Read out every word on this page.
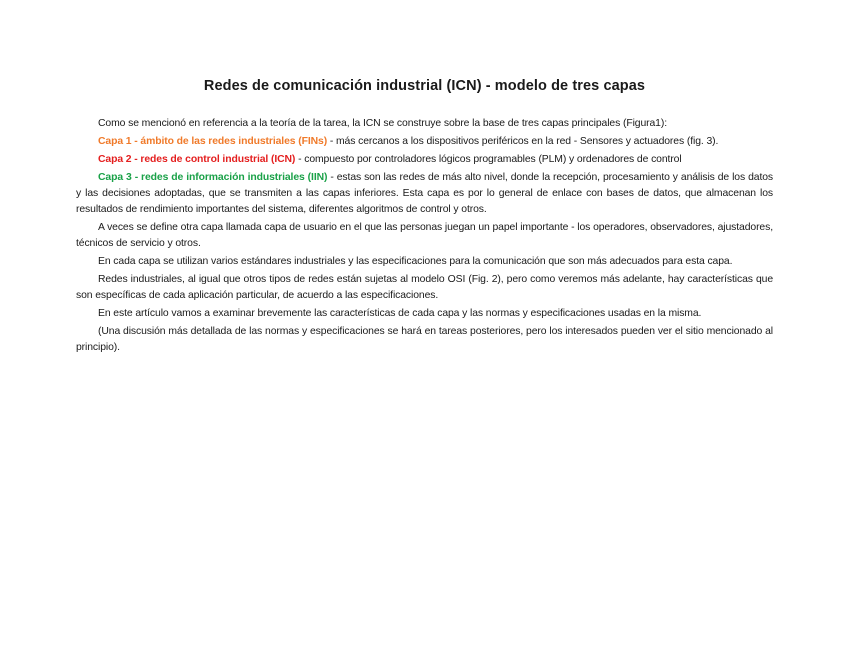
Redes de comunicación industrial (ICN) - modelo de tres capas

Como se mencionó en referencia a la teoría de la tarea, la ICN se construye sobre la base de tres capas principales (Figura1):

Capa 1 - ámbito de las redes industriales (FINs) - más cercanos a los dispositivos periféricos en la red - Sensores y actuadores (fig. 3).

Capa 2 - redes de control industrial (ICN) - compuesto por controladores lógicos programables (PLM) y ordenadores de control

Capa 3 - redes de información industriales (IIN) - estas son las redes de más alto nivel, donde la recepción, procesamiento y análisis de los datos y las decisiones adoptadas, que se transmiten a las capas inferiores. Esta capa es por lo general de enlace con bases de datos, que almacenan los resultados de rendimiento importantes del sistema, diferentes algoritmos de control y otros.

A veces se define otra capa llamada capa de usuario en el que las personas juegan un papel importante - los operadores, observadores, ajustadores, técnicos de servicio y otros.

En cada capa se utilizan varios estándares industriales y las especificaciones para la comunicación que son más adecuados para esta capa.

Redes industriales, al igual que otros tipos de redes están sujetas al modelo OSI (Fig. 2), pero como veremos más adelante, hay características que son específicas de cada aplicación particular, de acuerdo a las especificaciones.

En este artículo vamos a examinar brevemente las características de cada capa y las normas y especificaciones usadas en la misma.

(Una discusión más detallada de las normas y especificaciones se hará en tareas posteriores, pero los interesados pueden ver el sitio mencionado al principio).
